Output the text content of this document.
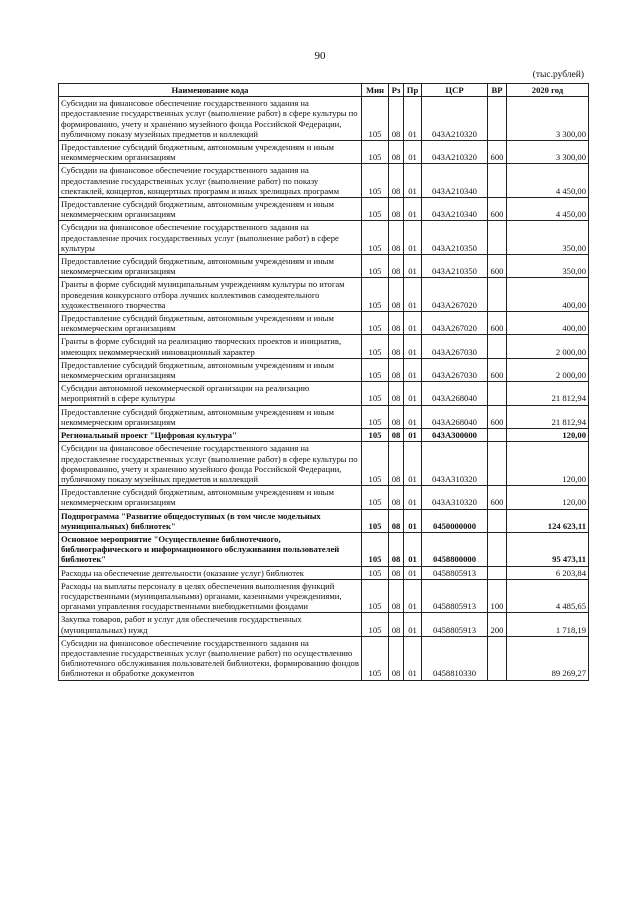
90
(тыс.рублей)
Наименование кода	Мин	Рз	Пр	ЦСР	ВР	2020 год
Субсидии на финансовое обеспечение государственного задания на предоставление государственных услуг (выполнение работ) в сфере культуры по формированию, учету и хранению музейного фонда Российской Федерации, публичному показу музейных предметов и коллекций	105	08	01	043A210320		3 300,00
Предоставление субсидий бюджетным, автономным учреждениям и иным некоммерческим организациям	105	08	01	043A210320	600	3 300,00
Субсидии на финансовое обеспечение государственного задания на предоставление государственных услуг (выполнение работ) по показу спектаклей, концертов, концертных программ и иных зрелищных программ	105	08	01	043A210340		4 450,00
Предоставление субсидий бюджетным, автономным учреждениям и иным некоммерческим организациям	105	08	01	043A210340	600	4 450,00
Субсидии на финансовое обеспечение государственного задания на предоставление прочих государственных услуг (выполнение работ) в сфере культуры	105	08	01	043A210350		350,00
Предоставление субсидий бюджетным, автономным учреждениям и иным некоммерческим организациям	105	08	01	043A210350	600	350,00
Гранты в форме субсидий муниципальным учреждениям культуры по итогам проведения конкурсного отбора лучших коллективов самодеятельного художественного творчества	105	08	01	043A267020		400,00
Предоставление субсидий бюджетным, автономным учреждениям и иным некоммерческим организациям	105	08	01	043A267020	600	400,00
Гранты в форме субсидий на реализацию творческих проектов и инициатив, имеющих некоммерческий инновационный характер	105	08	01	043A267030		2 000,00
Предоставление субсидий бюджетным, автономным учреждениям и иным некоммерческим организациям	105	08	01	043A267030	600	2 000,00
Субсидии автономной некоммерческой организации на реализацию мероприятий в сфере культуры	105	08	01	043A268040		21 812,94
Предоставление субсидий бюджетным, автономным учреждениям и иным некоммерческим организациям	105	08	01	043A268040	600	21 812,94
Региональный проект "Цифровая культура"	105	08	01	043A300000		120,00
Субсидии на финансовое обеспечение государственного задания на предоставление государственных услуг (выполнение работ) в сфере культуры по формированию, учету и хранению музейного фонда Российской Федерации, публичному показу музейных предметов и коллекций	105	08	01	043A310320		120,00
Предоставление субсидий бюджетным, автономным учреждениям и иным некоммерческим организациям	105	08	01	043A310320	600	120,00
Подпрограмма "Развитие общедоступных (в том числе модельных муниципальных) библиотек"	105	08	01	0450000000		124 623,11
Основное мероприятие "Осуществление библиотечного, библиографического и информационного обслуживания пользователей библиотек"	105	08	01	0458800000		95 473,11
Расходы на обеспечение деятельности (оказание услуг) библиотек	105	08	01	0458805913		6 203,84
Расходы на выплаты персоналу в целях обеспечения выполнения функций государственными (муниципальными) органами, казенными учреждениями, органами управления государственными внебюджетными фондами	105	08	01	0458805913	100	4 485,65
Закупка товаров, работ и услуг для обеспечения государственных (муниципальных) нужд	105	08	01	0458805913	200	1 718,19
Субсидии на финансовое обеспечение государственного задания на предоставление государственных услуг (выполнение работ) по осуществлению библиотечного обслуживания пользователей библиотеки, формированию фондов библиотеки и обработке документов	105	08	01	0458810330		89 269,27
